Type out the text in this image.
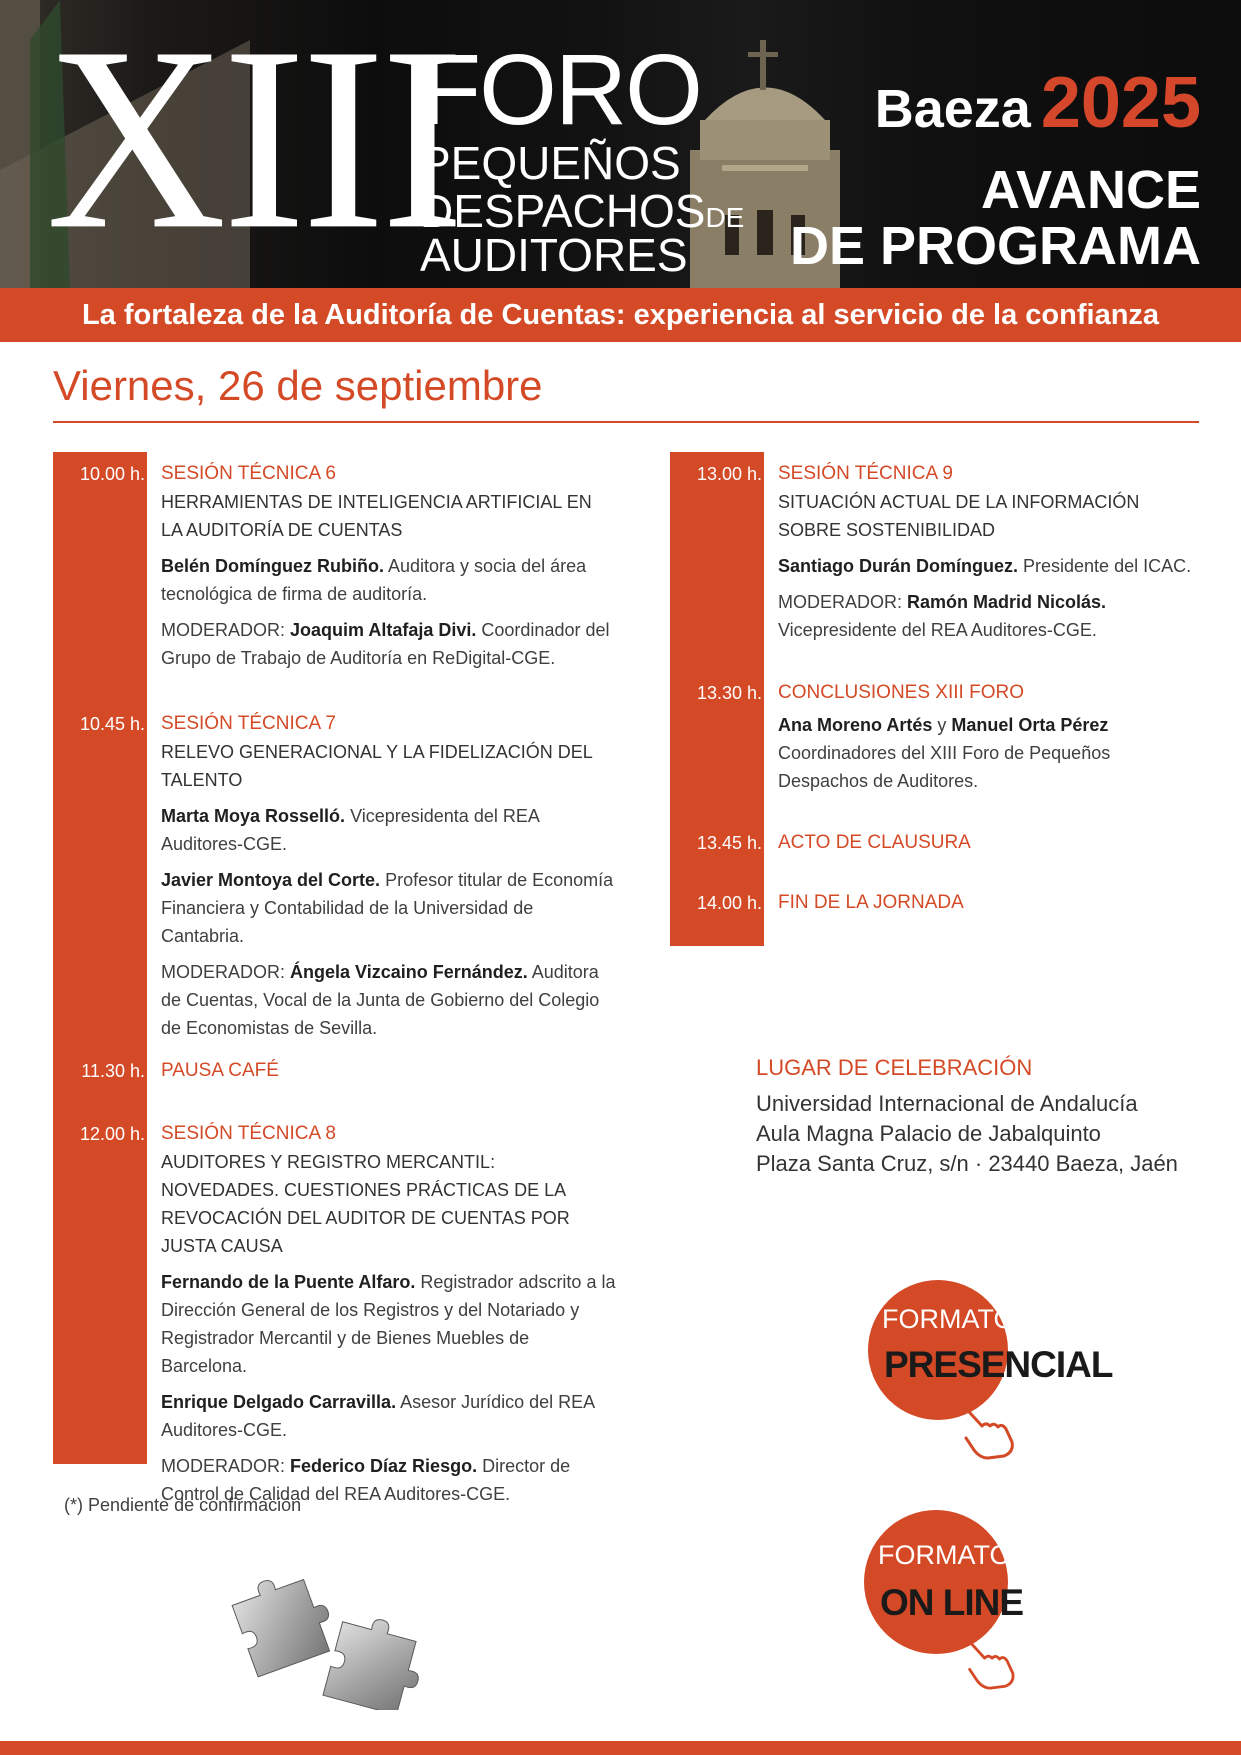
XIII
FORO
PEQUEÑOS
DESPACHOSDE
AUDITORES
Baeza 2025
AVANCE
DE PROGRAMA
La fortaleza de la Auditoría de Cuentas: experiencia al servicio de la confianza
Viernes, 26 de septiembre
10.00 h. SESIÓN TÉCNICA 6
HERRAMIENTAS DE INTELIGENCIA ARTIFICIAL EN LA AUDITORÍA DE CUENTAS
Belén Domínguez Rubiño. Auditora y socia del área tecnológica de firma de auditoría.
MODERADOR: Joaquim Altafaja Divi. Coordinador del Grupo de Trabajo de Auditoría en ReDigital-CGE.
10.45 h. SESIÓN TÉCNICA 7
RELEVO GENERACIONAL Y LA FIDELIZACIÓN DEL TALENTO
Marta Moya Rosselló. Vicepresidenta del REA Auditores-CGE.
Javier Montoya del Corte. Profesor titular de Economía Financiera y Contabilidad de la Universidad de Cantabria.
MODERADOR: Ángela Vizcaino Fernández. Auditora de Cuentas, Vocal de la Junta de Gobierno del Colegio de Economistas de Sevilla.
11.30 h. PAUSA CAFÉ
12.00 h. SESIÓN TÉCNICA 8
AUDITORES Y REGISTRO MERCANTIL: NOVEDADES. CUESTIONES PRÁCTICAS DE LA REVOCACIÓN DEL AUDITOR DE CUENTAS POR JUSTA CAUSA
Fernando de la Puente Alfaro. Registrador adscrito a la Dirección General de los Registros y del Notariado y Registrador Mercantil y de Bienes Muebles de Barcelona.
Enrique Delgado Carravilla. Asesor Jurídico del REA Auditores-CGE.
MODERADOR: Federico Díaz Riesgo. Director de Control de Calidad del REA Auditores-CGE.
13.00 h. SESIÓN TÉCNICA 9
SITUACIÓN ACTUAL DE LA INFORMACIÓN SOBRE SOSTENIBILIDAD
Santiago Durán Domínguez. Presidente del ICAC.
MODERADOR: Ramón Madrid Nicolás. Vicepresidente del REA Auditores-CGE.
13.30 h. CONCLUSIONES XIII FORO
Ana Moreno Artés y Manuel Orta Pérez
Coordinadores del XIII Foro de Pequeños Despachos de Auditores.
13.45 h. ACTO DE CLAUSURA
14.00 h. FIN DE LA JORNADA
LUGAR DE CELEBRACIÓN
Universidad Internacional de Andalucía
Aula Magna Palacio de Jabalquinto
Plaza Santa Cruz, s/n · 23440 Baeza, Jaén
FORMATO
PRESENCIAL
FORMATO
ON LINE
(*) Pendiente de confirmación
